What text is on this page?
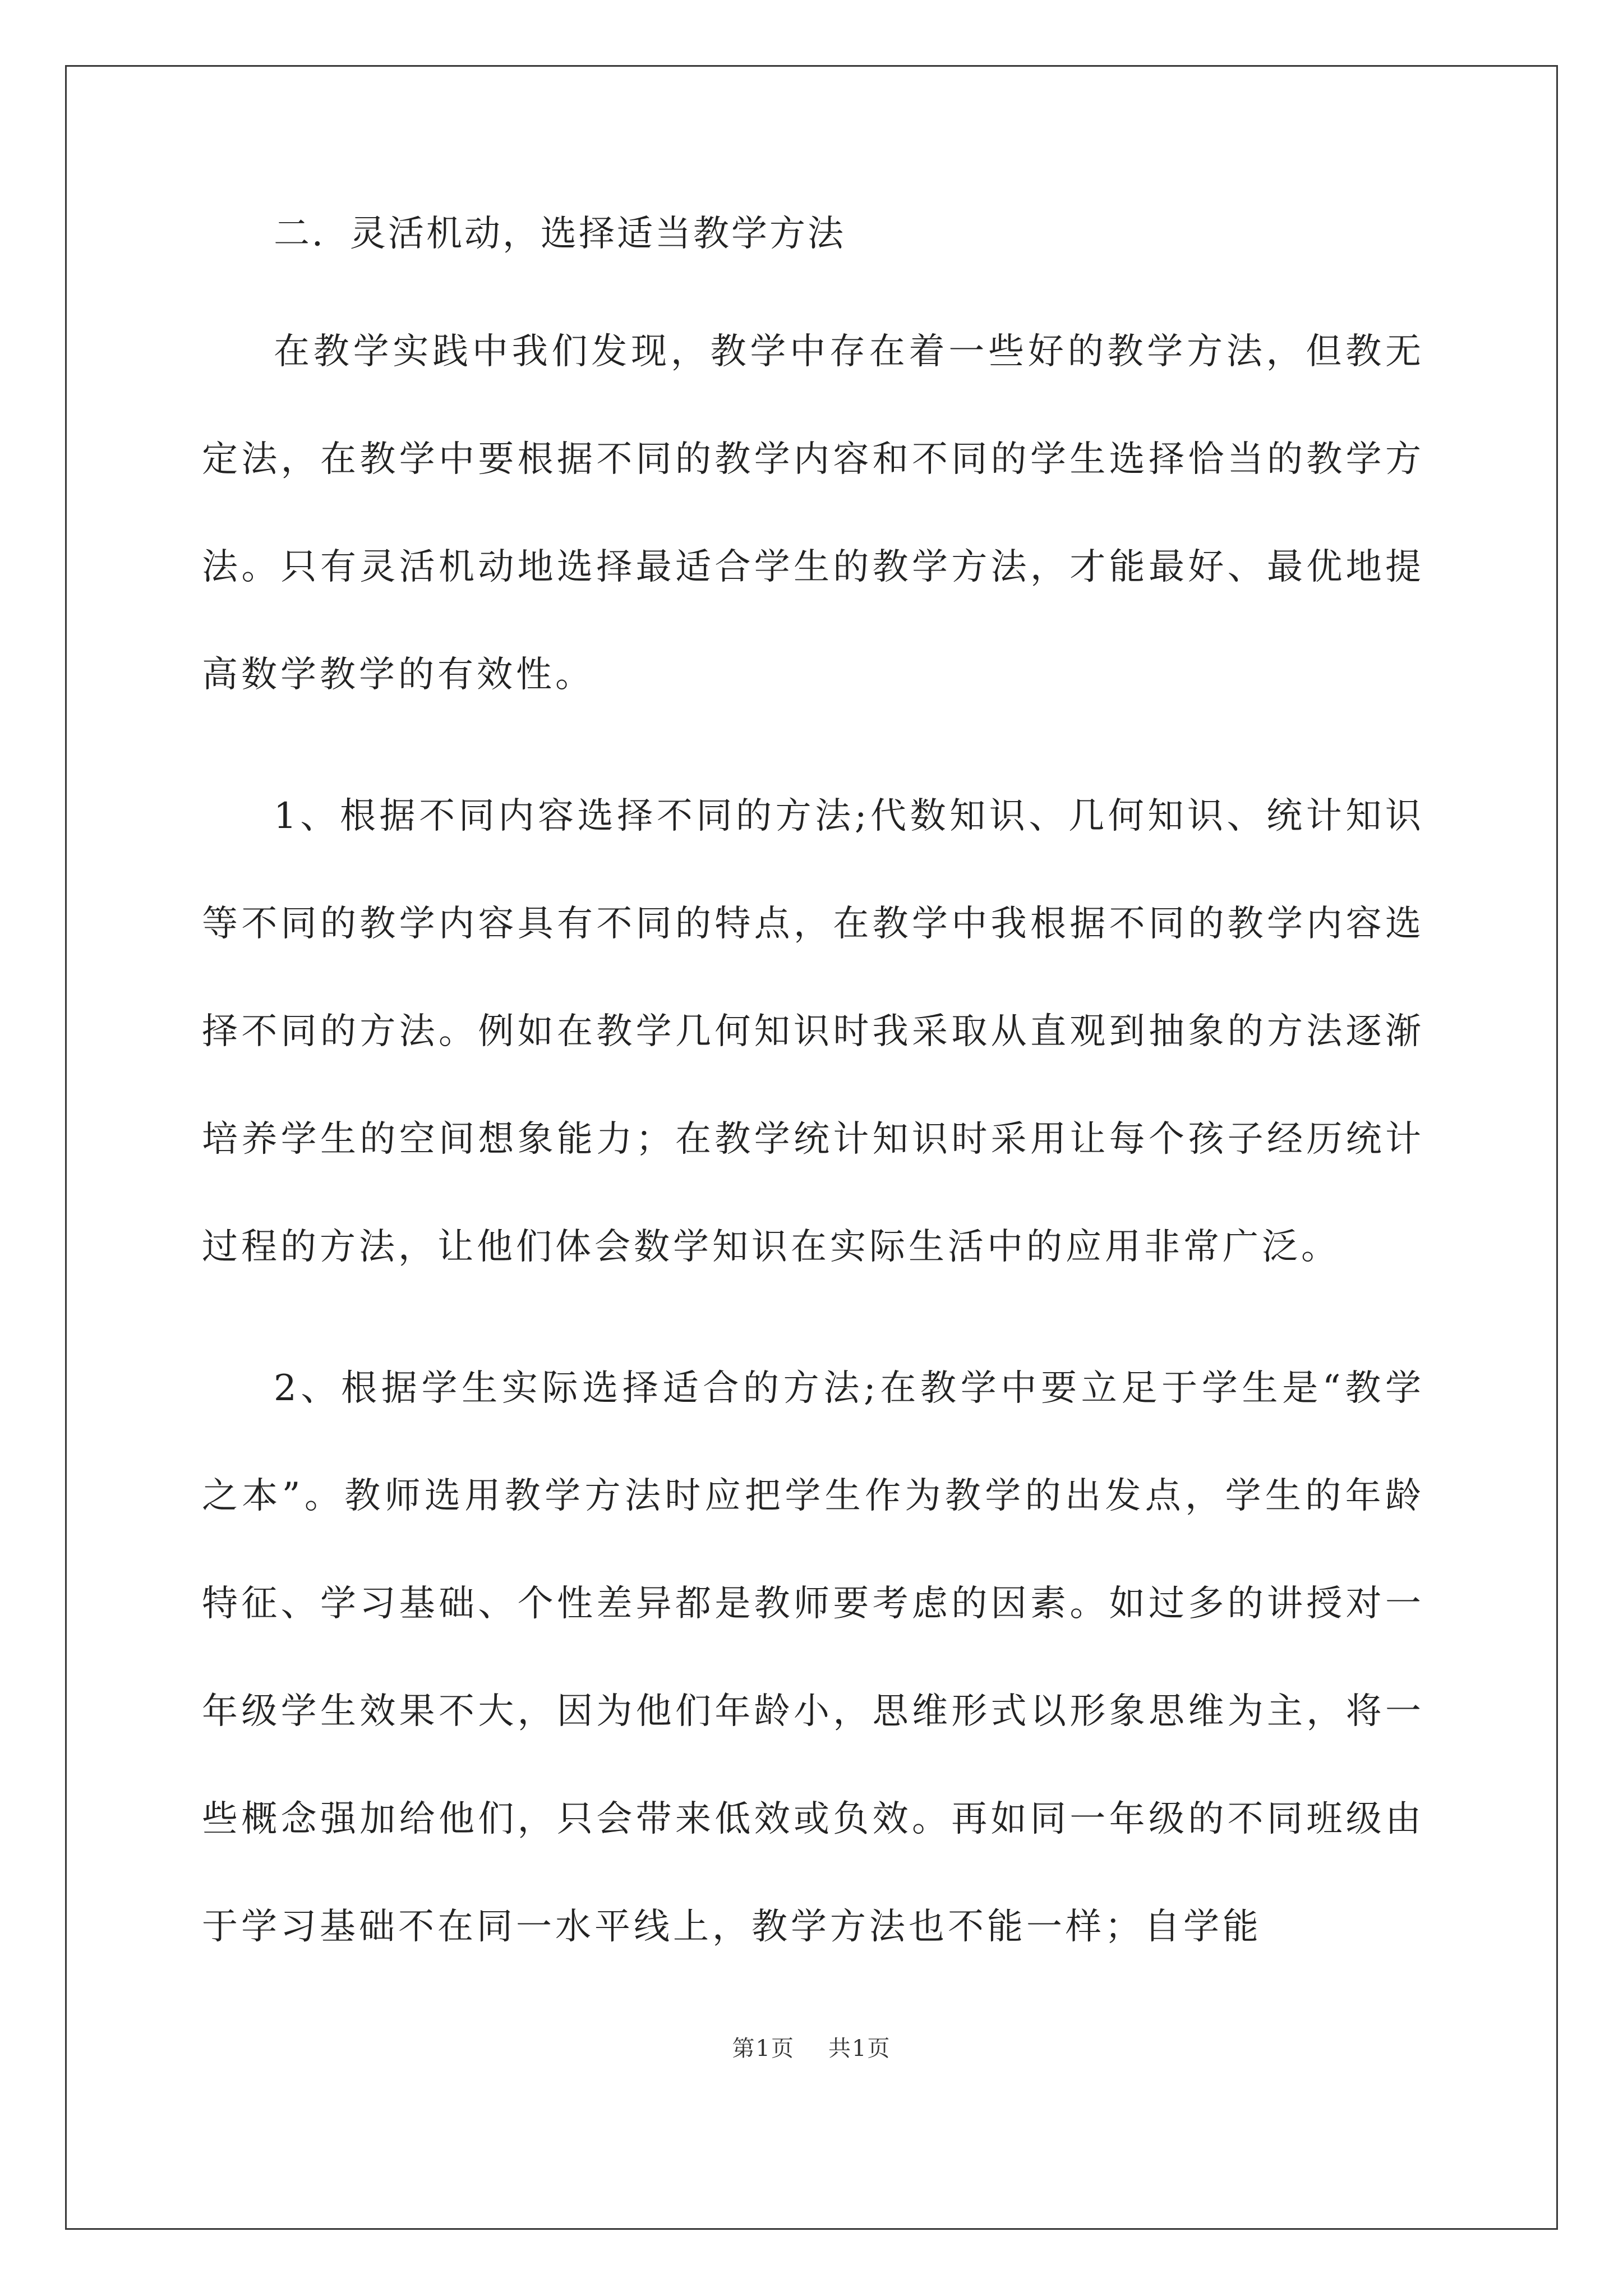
二．灵活机动，选择适当教学方法

在教学实践中我们发现，教学中存在着一些好的教学方法，但教无定法，在教学中要根据不同的教学内容和不同的学生选择恰当的教学方法。只有灵活机动地选择最适合学生的教学方法，才能最好、最优地提高数学教学的有效性。

1、根据不同内容选择不同的方法;代数知识、几何知识、统计知识等不同的教学内容具有不同的特点，在教学中我根据不同的教学内容选择不同的方法。例如在教学几何知识时我采取从直观到抽象的方法逐渐培养学生的空间想象能力；在教学统计知识时采用让每个孩子经历统计过程的方法，让他们体会数学知识在实际生活中的应用非常广泛。

2、根据学生实际选择适合的方法;在教学中要立足于学生是“教学之本”。教师选用教学方法时应把学生作为教学的出发点，学生的年龄特征、学习基础、个性差异都是教师要考虑的因素。如过多的讲授对一年级学生效果不大，因为他们年龄小，思维形式以形象思维为主，将一些概念强加给他们，只会带来低效或负效。再如同一年级的不同班级由于学习基础不在同一水平线上，教学方法也不能一样；自学能

第1页 共1页
